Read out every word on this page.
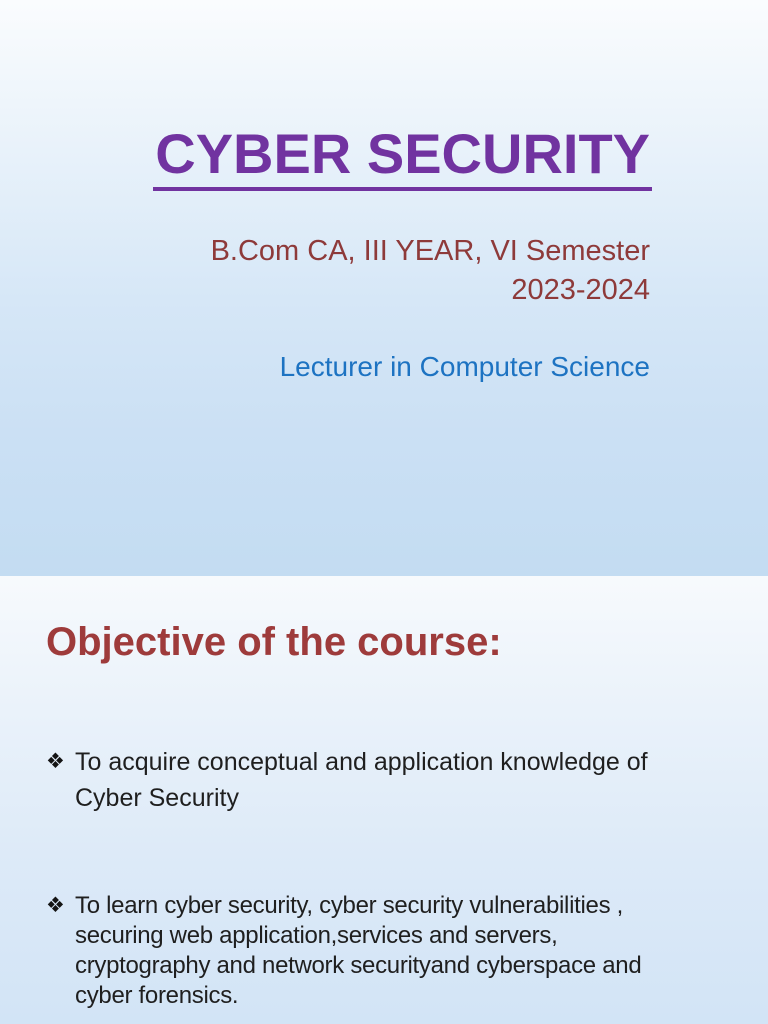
CYBER SECURITY
B.Com CA, III YEAR, VI Semester
2023-2024
Lecturer in Computer Science
Objective of the course:
❖ To acquire conceptual and application knowledge of
Cyber Security
❖ To learn cyber security, cyber security vulnerabilities ,
securing web application,services and servers,
cryptography and network securityand cyberspace and
cyber forensics.
